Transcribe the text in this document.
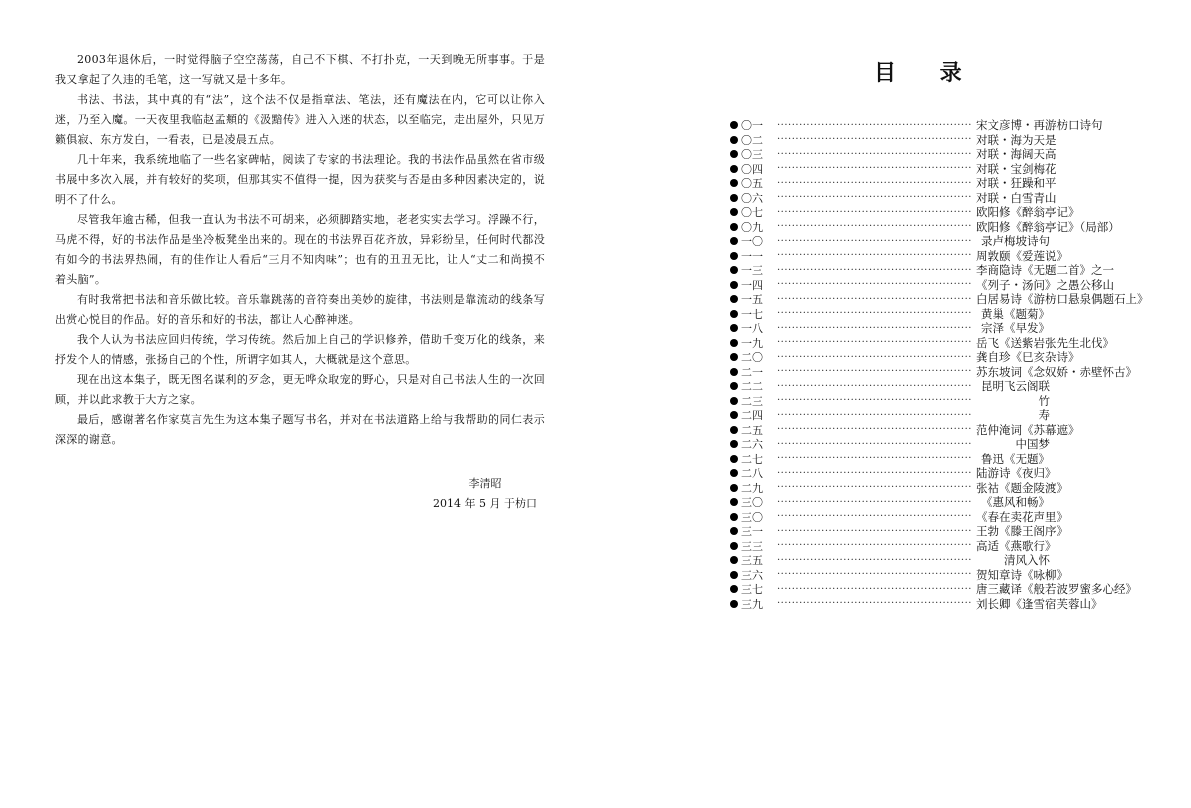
2003年退休后，一时觉得脑子空空荡荡，自己不下棋、不打扑克，一天到晚无所事事。于是我又拿起了久违的毛笔，这一写就又是十多年。

书法、书法，其中真的有“法”，这个法不仅是指章法、笔法，还有魔法在内，它可以让你入迷，乃至入魔。一天夜里我临赵孟頫的《汲黯传》进入入迷的状态，以至临完，走出屋外，只见万籁俱寂、东方发白，一看表，已是凌晨五点。

几十年来，我系统地临了一些名家碑帖，阅读了专家的书法理论。我的书法作品虽然在省市级书展中多次入展，并有较好的奖项，但那其实不值得一提，因为获奖与否是由多种因素决定的，说明不了什么。

尽管我年逾古稀，但我一直认为书法不可胡来，必须脚踏实地，老老实实去学习。浮躁不行，马虎不得，好的书法作品是坐冷板凳坐出来的。现在的书法界百花齐放，异彩纷呈，任何时代都没有如今的书法界热闹，有的佳作让人看后“三月不知肉味”；也有的丑丑无比，让人“丈二和尚摸不着头脑”。

有时我常把书法和音乐做比较。音乐靠跳荡的音符奏出美妙的旋律，书法则是靠流动的线条写出赏心悦目的作品。好的音乐和好的书法，都让人心醉神迷。

我个人认为书法应回归传统，学习传统。然后加上自己的学识修养，借助千变万化的线条，来抒发个人的情感，张扬自己的个性，所谓字如其人，大概就是这个意思。

现在出这本集子，既无图名谋利的歹念，更无哗众取宠的野心，只是对自己书法人生的一次回顾，并以此求教于大方之家。

最后，感谢著名作家莫言先生为这本集子题写书名，并对在书法道路上给与我帮助的同仁表示深深的谢意。

李清昭
2014 年 5 月 于枋口
目 录
〇一	····················································· 宋文彦博・再游枋口诗句
〇二	····················································· 对联・海为天是
〇三	····················································· 对联・海阔天高
〇四	····················································· 对联・宝剑梅花
〇五	····················································· 对联・狂躁和平
〇六	····················································· 对联・白雪青山
〇七	····················································· 欧阳修《醉翁亭记》
〇九	····················································· 欧阳修《醉翁亭记》（局部）
一〇	····················································· 录卢梅坡诗句
一一	····················································· 周敦颐《爱莲说》
一三	····················································· 李商隐诗《无题二首》之一
一四	····················································· 《列子・汤问》之愚公移山
一五	····················································· 白居易诗《游枋口悬泉偶题石上》
一七	····················································· 黄巢《题菊》
一八	····················································· 宗泽《早发》
一九	····················································· 岳飞《送紫岩张先生北伐》
二〇	····················································· 龚自珍《巳亥杂诗》
二一	····················································· 苏东坡词《念奴娇・赤壁怀古》
二二	····················································· 昆明飞云阁联
二三	·····················································	竹
二四	·····················································	寿
二五	····················································· 范仲淹词《苏幕遮》
二六	·····················································	中国梦
二七	····················································· 鲁迅《无题》
二八	····················································· 陆游诗《夜归》
二九	····················································· 张祜《题金陵渡》
三〇	····················································· 《惠风和畅》
三〇	····················································· 《春在卖花声里》
三一	····················································· 王勃《滕王阁序》
三三	····················································· 高适《燕歌行》
三五	·····················································	清风入怀
三六	····················································· 贺知章诗《咏柳》
三七	····················································· 唐三藏译《般若波罗蜜多心经》
三九	····················································· 刘长卿《逢雪宿芙蓉山》
